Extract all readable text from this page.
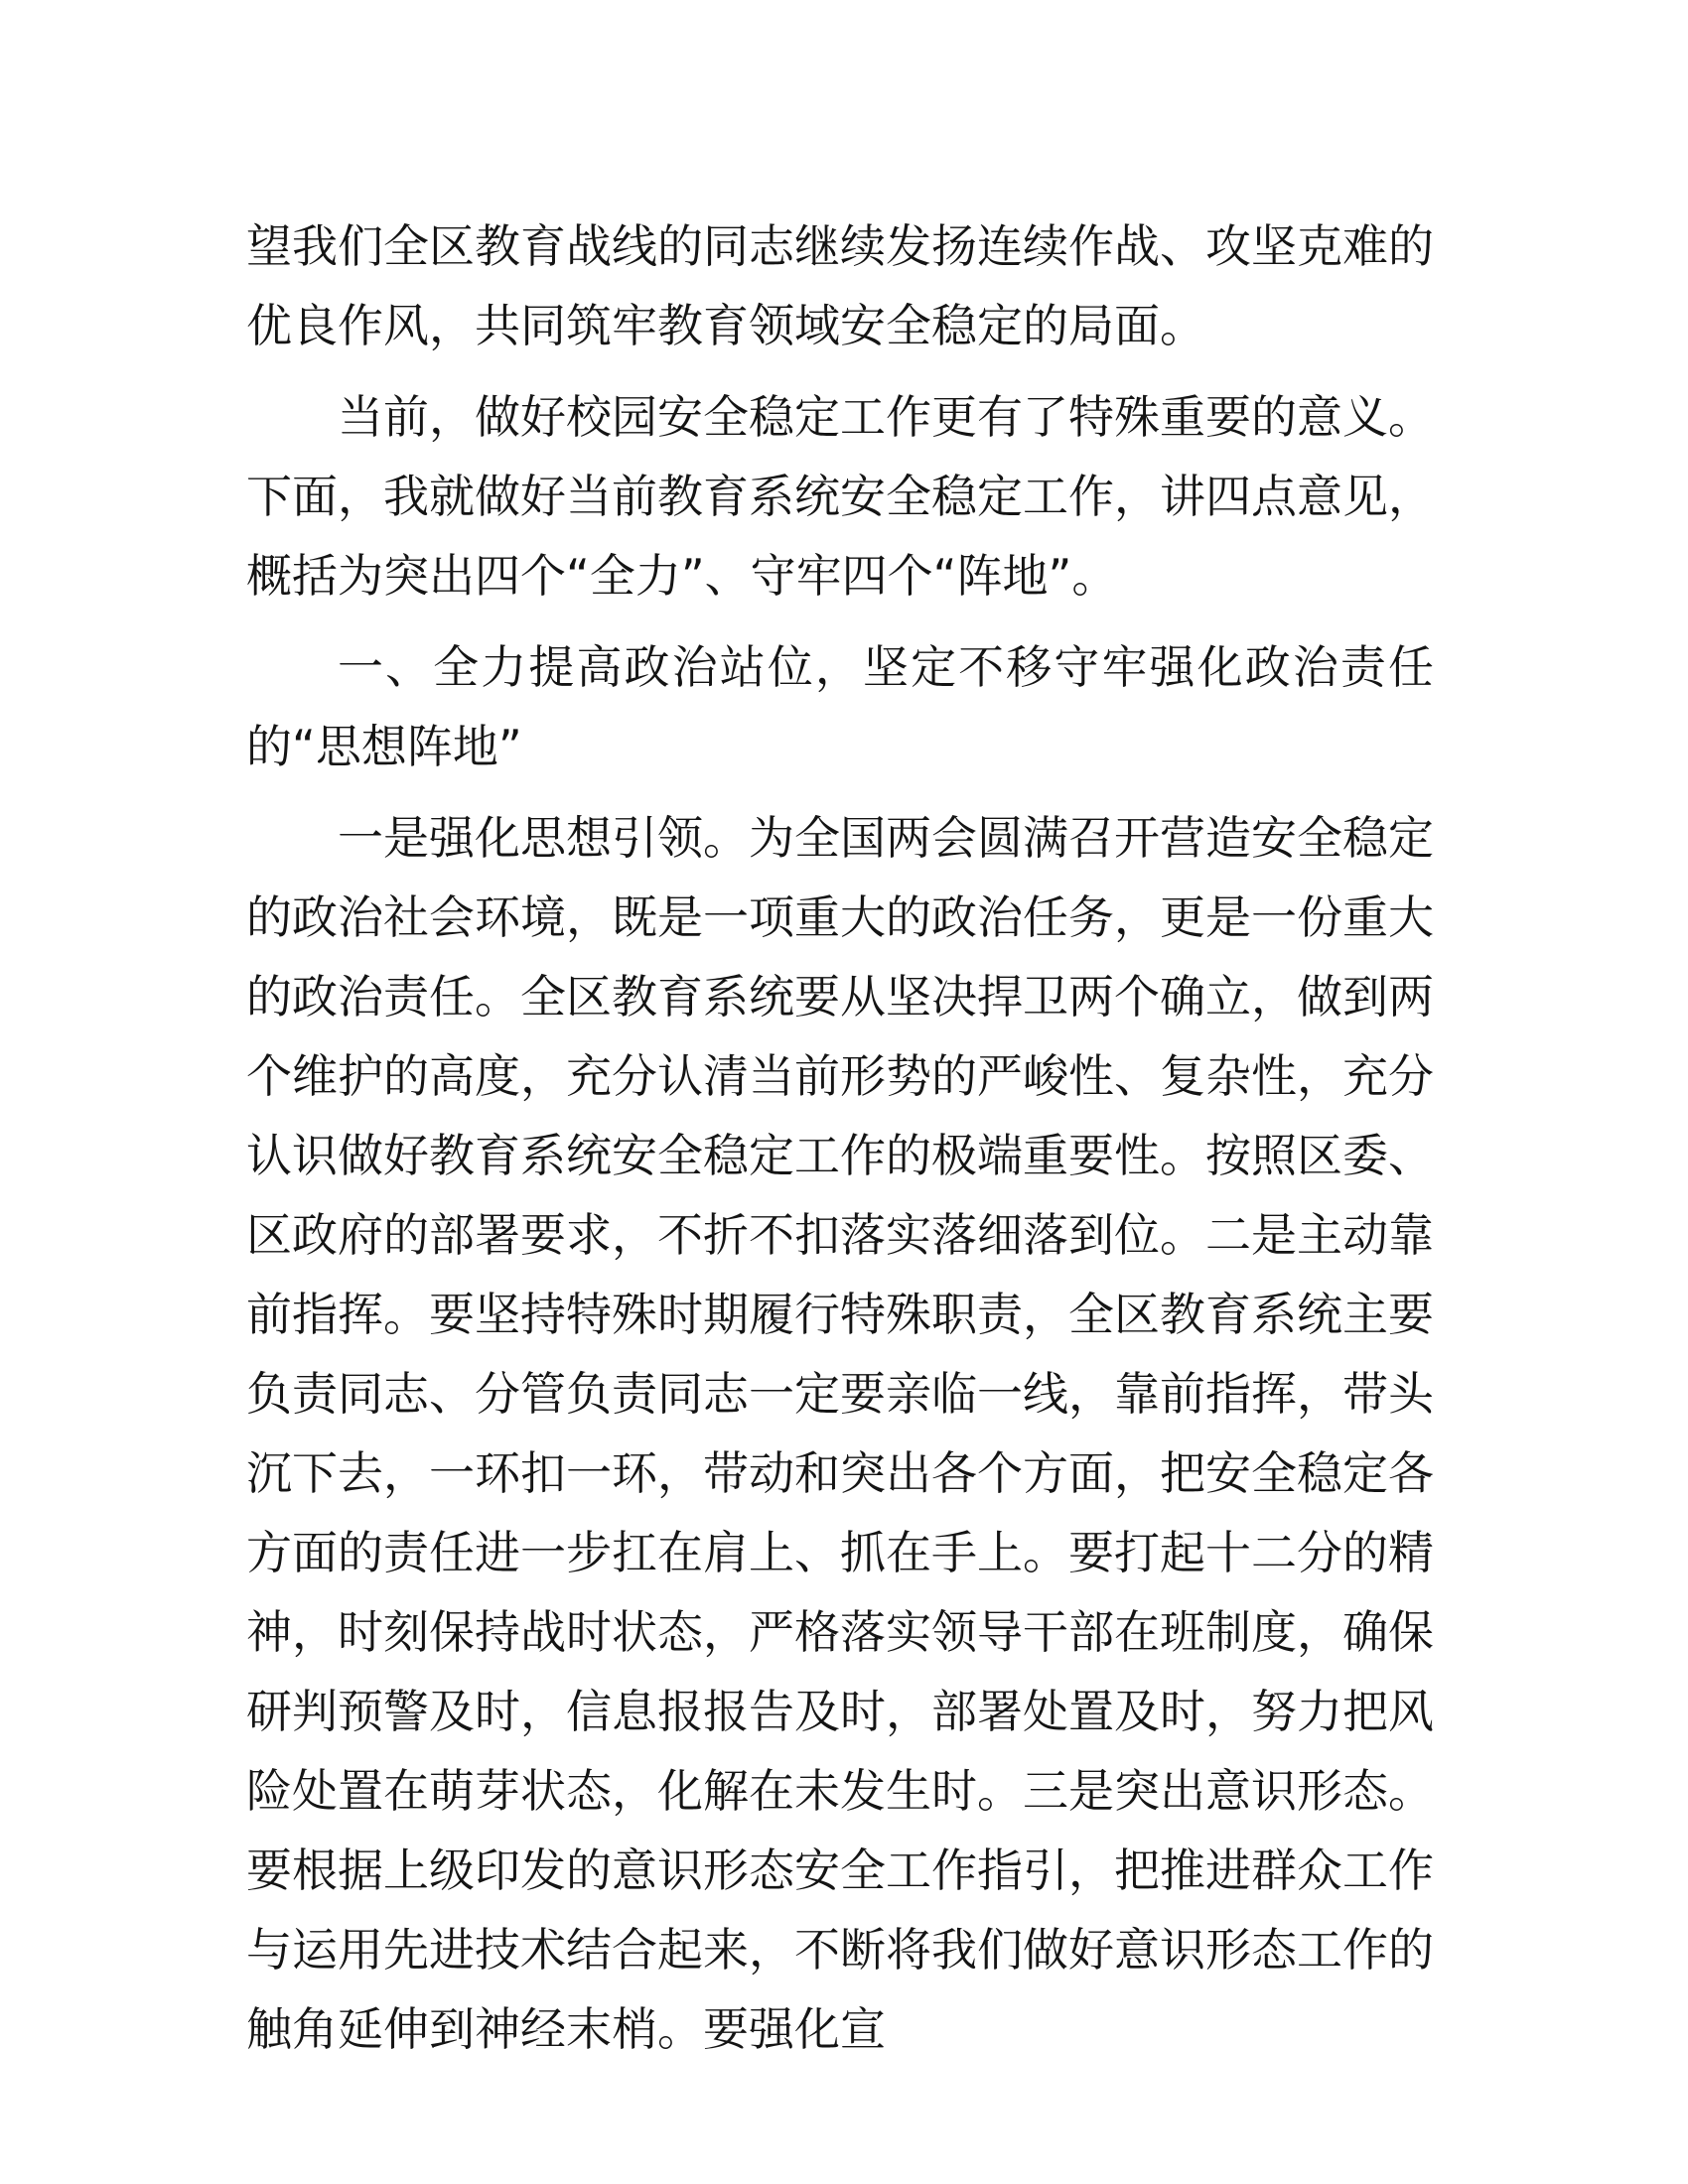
望我们全区教育战线的同志继续发扬连续作战、攻坚克难的优良作风，共同筑牢教育领域安全稳定的局面。

当前，做好校园安全稳定工作更有了特殊重要的意义。下面，我就做好当前教育系统安全稳定工作，讲四点意见，概括为突出四个“全力”、守牢四个“阵地”。

一、全力提高政治站位，坚定不移守牢强化政治责任的“思想阵地”

一是强化思想引领。为全国两会圆满召开营造安全稳定的政治社会环境，既是一项重大的政治任务，更是一份重大的政治责任。全区教育系统要从坚决捍卫两个确立，做到两个维护的高度，充分认清当前形势的严峻性、复杂性，充分认识做好教育系统安全稳定工作的极端重要性。按照区委、区政府的部署要求，不折不扣落实落细落到位。二是主动靠前指挥。要坚持特殊时期履行特殊职责，全区教育系统主要负责同志、分管负责同志一定要亲临一线，靠前指挥，带头沉下去，一环扣一环，带动和突出各个方面，把安全稳定各方面的责任进一步扛在肩上、抓在手上。要打起十二分的精神，时刻保持战时状态，严格落实领导干部在班制度，确保研判预警及时，信息报报告及时，部署处置及时，努力把风险处置在萌芽状态，化解在未发生时。三是突出意识形态。要根据上级印发的意识形态安全工作指引，把推进群众工作与运用先进技术结合起来，不断将我们做好意识形态工作的触角延伸到神经末梢。要强化宣
